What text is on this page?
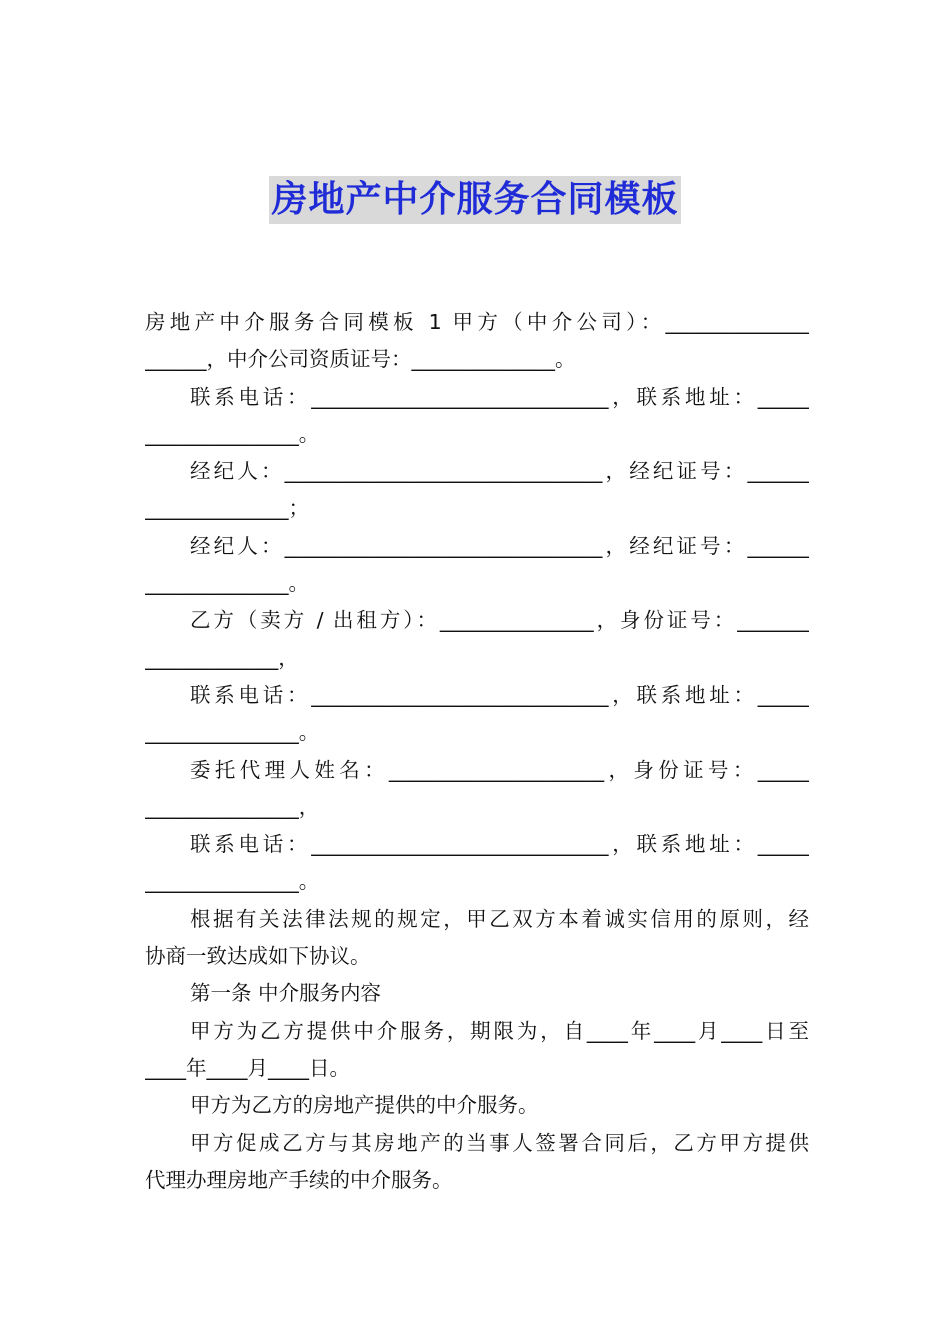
房地产中介服务合同模板
房地产中介服务合同模板 1 甲方（中介公司）：______________
______，中介公司资质证号：______________。
联系电话：_____________________________，联系地址：_____
_______________。
经纪人：_______________________________，经纪证号：______
______________；
经纪人：_______________________________，经纪证号：______
______________。
乙方（卖方 / 出租方）：_______________，身份证号：_______
_____________，
联系电话：_____________________________，联系地址：_____
_______________。
委托代理人姓名：_____________________，身份证号：_____
_______________，
联系电话：_____________________________，联系地址：_____
_______________。
根据有关法律法规的规定，甲乙双方本着诚实信用的原则，经
协商一致达成如下协议。
第一条 中介服务内容
甲方为乙方提供中介服务，期限为，自____年____月____日至
____年____月____日。
甲方为乙方的房地产提供的中介服务。
甲方促成乙方与其房地产的当事人签署合同后，乙方甲方提供
代理办理房地产手续的中介服务。
